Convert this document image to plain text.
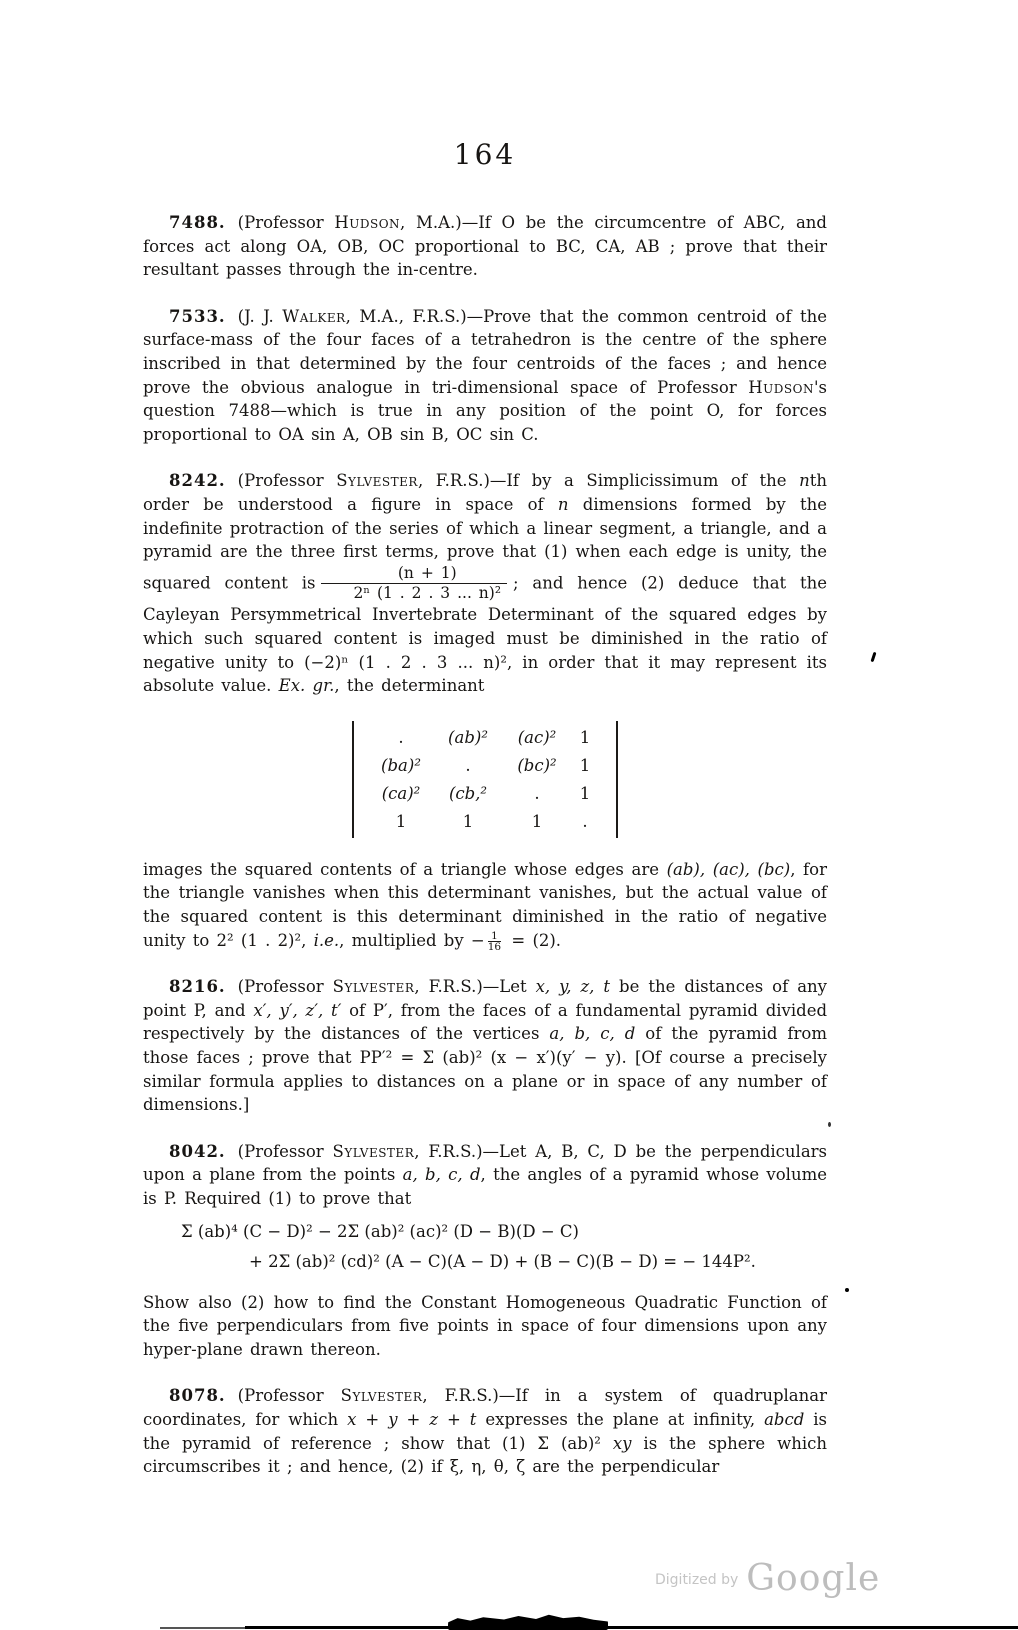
164

7488. (Professor Hudson, M.A.)—If O be the circumcentre of ABC, and forces act along OA, OB, OC proportional to BC, CA, AB ; prove that their resultant passes through the in-centre.

7533. (J. J. Walker, M.A., F.R.S.)—Prove that the common centroid of the surface-mass of the four faces of a tetrahedron is the centre of the sphere inscribed in that determined by the four centroids of the faces ; and hence prove the obvious analogue in tri-dimensional space of Professor Hudson's question 7488—which is true in any position of the point O, for forces proportional to OA sin A, OB sin B, OC sin C.

8242. (Professor Sylvester, F.R.S.)—If by a Simplicissimum of the nth order be understood a figure in space of n dimensions formed by the indefinite protraction of the series of which a linear segment, a triangle, and a pyramid are the three first terms, prove that (1) when each edge is unity, the squared content is $\frac{(n + 1)}{\text{2ⁿ (1 . 2 . 3 ... n)²}}$ ; and hence (2) deduce that the Cayleyan Persymmetrical Invertebrate Determinant of the squared edges by which such squared content is imaged must be diminished in the ratio of negative unity to (−2)ⁿ (1 . 2 . 3 ... n)², in order that it may represent its absolute value. Ex. gr., the determinant

.	(ab)²	(ac)²	1
(ba)²	.	(bc)²	1
(ca)²	(cb,²	.	1
1	1	1	.

images the squared contents of a triangle whose edges are (ab), (ac), (bc), for the triangle vanishes when this determinant vanishes, but the actual value of the squared content is this determinant diminished in the ratio of negative unity to 2² (1 . 2)², i.e., multiplied by − $\frac{1}{16} = (2)$.

8216. (Professor Sylvester, F.R.S.)—Let x, y, z, t be the distances of any point P, and x′, y′, z′, t′ of P′, from the faces of a fundamental pyramid divided respectively by the distances of the vertices a, b, c, d of the pyramid from those faces ; prove that PP′² = Σ (ab)² (x − x′)(y′ − y). [Of course a precisely similar formula applies to distances on a plane or in space of any number of dimensions.]

8042. (Professor Sylvester, F.R.S.)—Let A, B, C, D be the perpendiculars upon a plane from the points a, b, c, d, the angles of a pyramid whose volume is P. Required (1) to prove that

Σ (ab)⁴ (C − D)² − 2Σ (ab)² (ac)² (D − B)(D − C)
+ 2Σ (ab)² (cd)² (A − C)(A − D) + (B − C)(B − D) = − 144P².

Show also (2) how to find the Constant Homogeneous Quadratic Function of the five perpendiculars from five points in space of four dimensions upon any hyper-plane drawn thereon.

8078. (Professor Sylvester, F.R.S.)—If in a system of quadruplanar coordinates, for which x + y + z + t expresses the plane at infinity, abcd is the pyramid of reference ; show that (1) Σ (ab)² xy is the sphere which circumscribes it ; and hence, (2) if ξ, η, θ, ζ are the perpendicular

Digitized by Google
